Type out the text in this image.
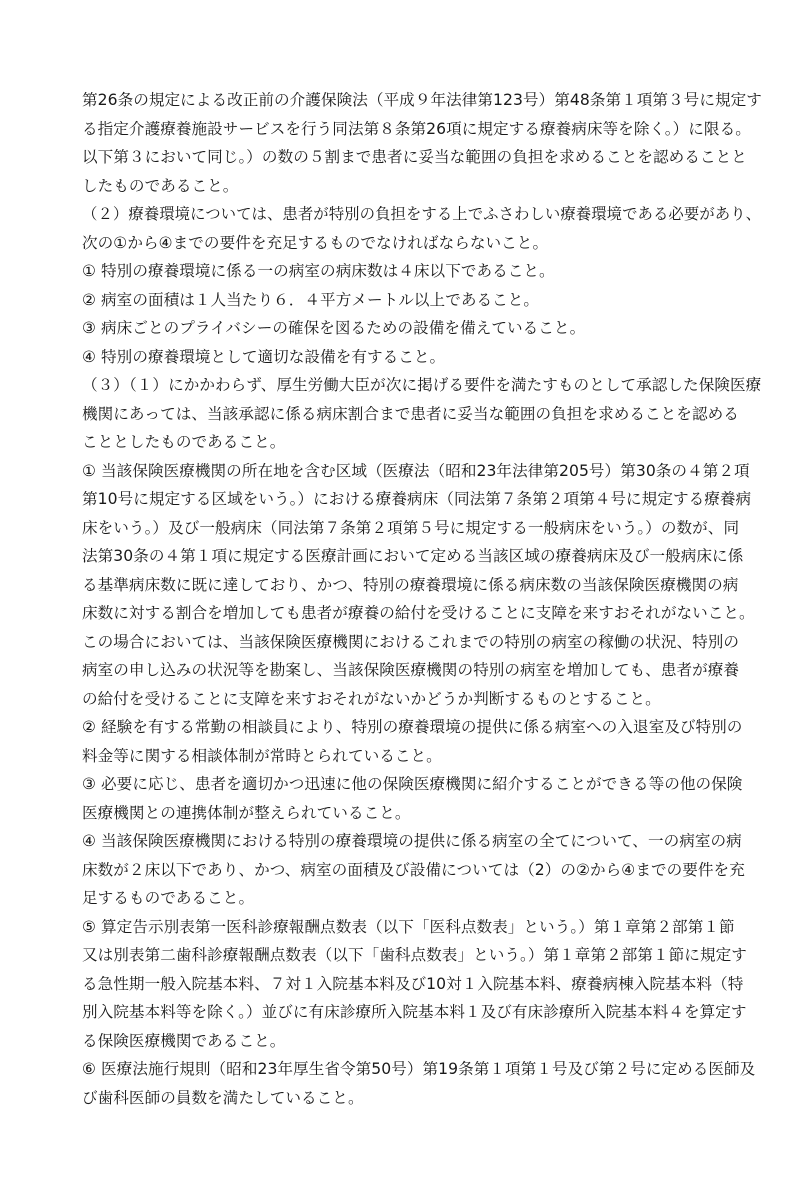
第26条の規定による改正前の介護保険法（平成９年法律第123号）第48条第１項第３号に規定す
る指定介護療養施設サービスを行う同法第８条第26項に規定する療養病床等を除く。）に限る。
以下第３において同じ。）の数の５割まで患者に妥当な範囲の負担を求めることを認めることと
したものであること。
（２）療養環境については、患者が特別の負担をする上でふさわしい療養環境である必要があり、
次の①から④までの要件を充足するものでなければならないこと。
① 特別の療養環境に係る一の病室の病床数は４床以下であること。
② 病室の面積は１人当たり６．４平方メートル以上であること。
③ 病床ごとのプライバシーの確保を図るための設備を備えていること。
④ 特別の療養環境として適切な設備を有すること。
（３）（１）にかかわらず、厚生労働大臣が次に掲げる要件を満たすものとして承認した保険医療
機関にあっては、当該承認に係る病床割合まで患者に妥当な範囲の負担を求めることを認める
こととしたものであること。
① 当該保険医療機関の所在地を含む区域（医療法（昭和23年法律第205号）第30条の４第２項
第10号に規定する区域をいう。）における療養病床（同法第７条第２項第４号に規定する療養病
床をいう。）及び一般病床（同法第７条第２項第５号に規定する一般病床をいう。）の数が、同
法第30条の４第１項に規定する医療計画において定める当該区域の療養病床及び一般病床に係
る基準病床数に既に達しており、かつ、特別の療養環境に係る病床数の当該保険医療機関の病
床数に対する割合を増加しても患者が療養の給付を受けることに支障を来すおそれがないこと。
この場合においては、当該保険医療機関におけるこれまでの特別の病室の稼働の状況、特別の
病室の申し込みの状況等を勘案し、当該保険医療機関の特別の病室を増加しても、患者が療養
の給付を受けることに支障を来すおそれがないかどうか判断するものとすること。
② 経験を有する常勤の相談員により、特別の療養環境の提供に係る病室への入退室及び特別の
料金等に関する相談体制が常時とられていること。
③ 必要に応じ、患者を適切かつ迅速に他の保険医療機関に紹介することができる等の他の保険
医療機関との連携体制が整えられていること。
④ 当該保険医療機関における特別の療養環境の提供に係る病室の全てについて、一の病室の病
床数が２床以下であり、かつ、病室の面積及び設備については（2）の②から④までの要件を充
足するものであること。
⑤ 算定告示別表第一医科診療報酬点数表（以下「医科点数表」という。）第１章第２部第１節
又は別表第二歯科診療報酬点数表（以下「歯科点数表」という。）第１章第２部第１節に規定す
る急性期一般入院基本料、７対１入院基本料及び10対１入院基本料、療養病棟入院基本料（特
別入院基本料等を除く。）並びに有床診療所入院基本料１及び有床診療所入院基本料４を算定す
る保険医療機関であること。
⑥ 医療法施行規則（昭和23年厚生省令第50号）第19条第１項第１号及び第２号に定める医師及
び歯科医師の員数を満たしていること。
